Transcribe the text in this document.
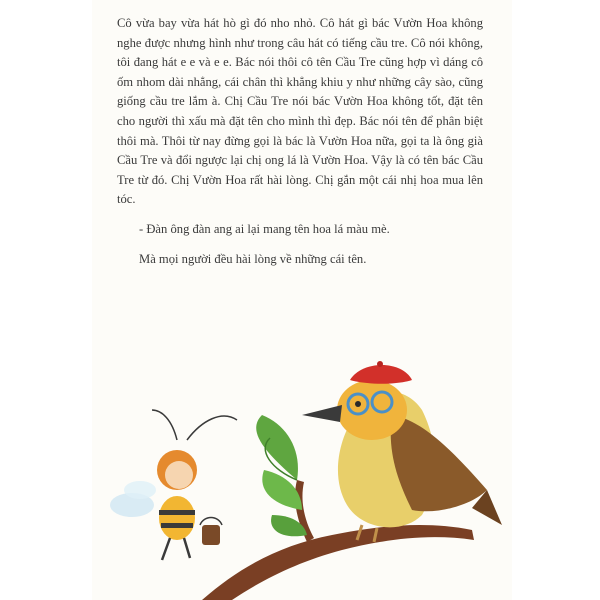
Cô vừa bay vừa hát hò gì đó nho nhỏ. Cô hát gì bác Vườn Hoa không nghe được nhưng hình như trong câu hát có tiếng cầu tre. Cô nói không, tôi đang hát e e và e e. Bác nói thôi cô tên Cầu Tre cũng hợp vì dáng cô ốm nhom dài nhẳng, cái chân thì khẳng khiu y như những cây sào, cũng giống cầu tre lắm à. Chị Cầu Tre nói bác Vườn Hoa không tốt, đặt tên cho người thì xấu mà đặt tên cho mình thì đẹp. Bác nói tên để phân biệt thôi mà. Thôi từ nay đừng gọi là bác là Vườn Hoa nữa, gọi ta là ông già Cầu Tre và đổi ngược lại chị ong lá là Vườn Hoa. Vậy là có tên bác Cầu Tre từ đó. Chị Vườn Hoa rất hài lòng. Chị gắn một cái nhị hoa mua lên tóc.

- Đàn ông đàn ang ai lại mang tên hoa lá màu mè.

Mà mọi người đều hài lòng về những cái tên.
